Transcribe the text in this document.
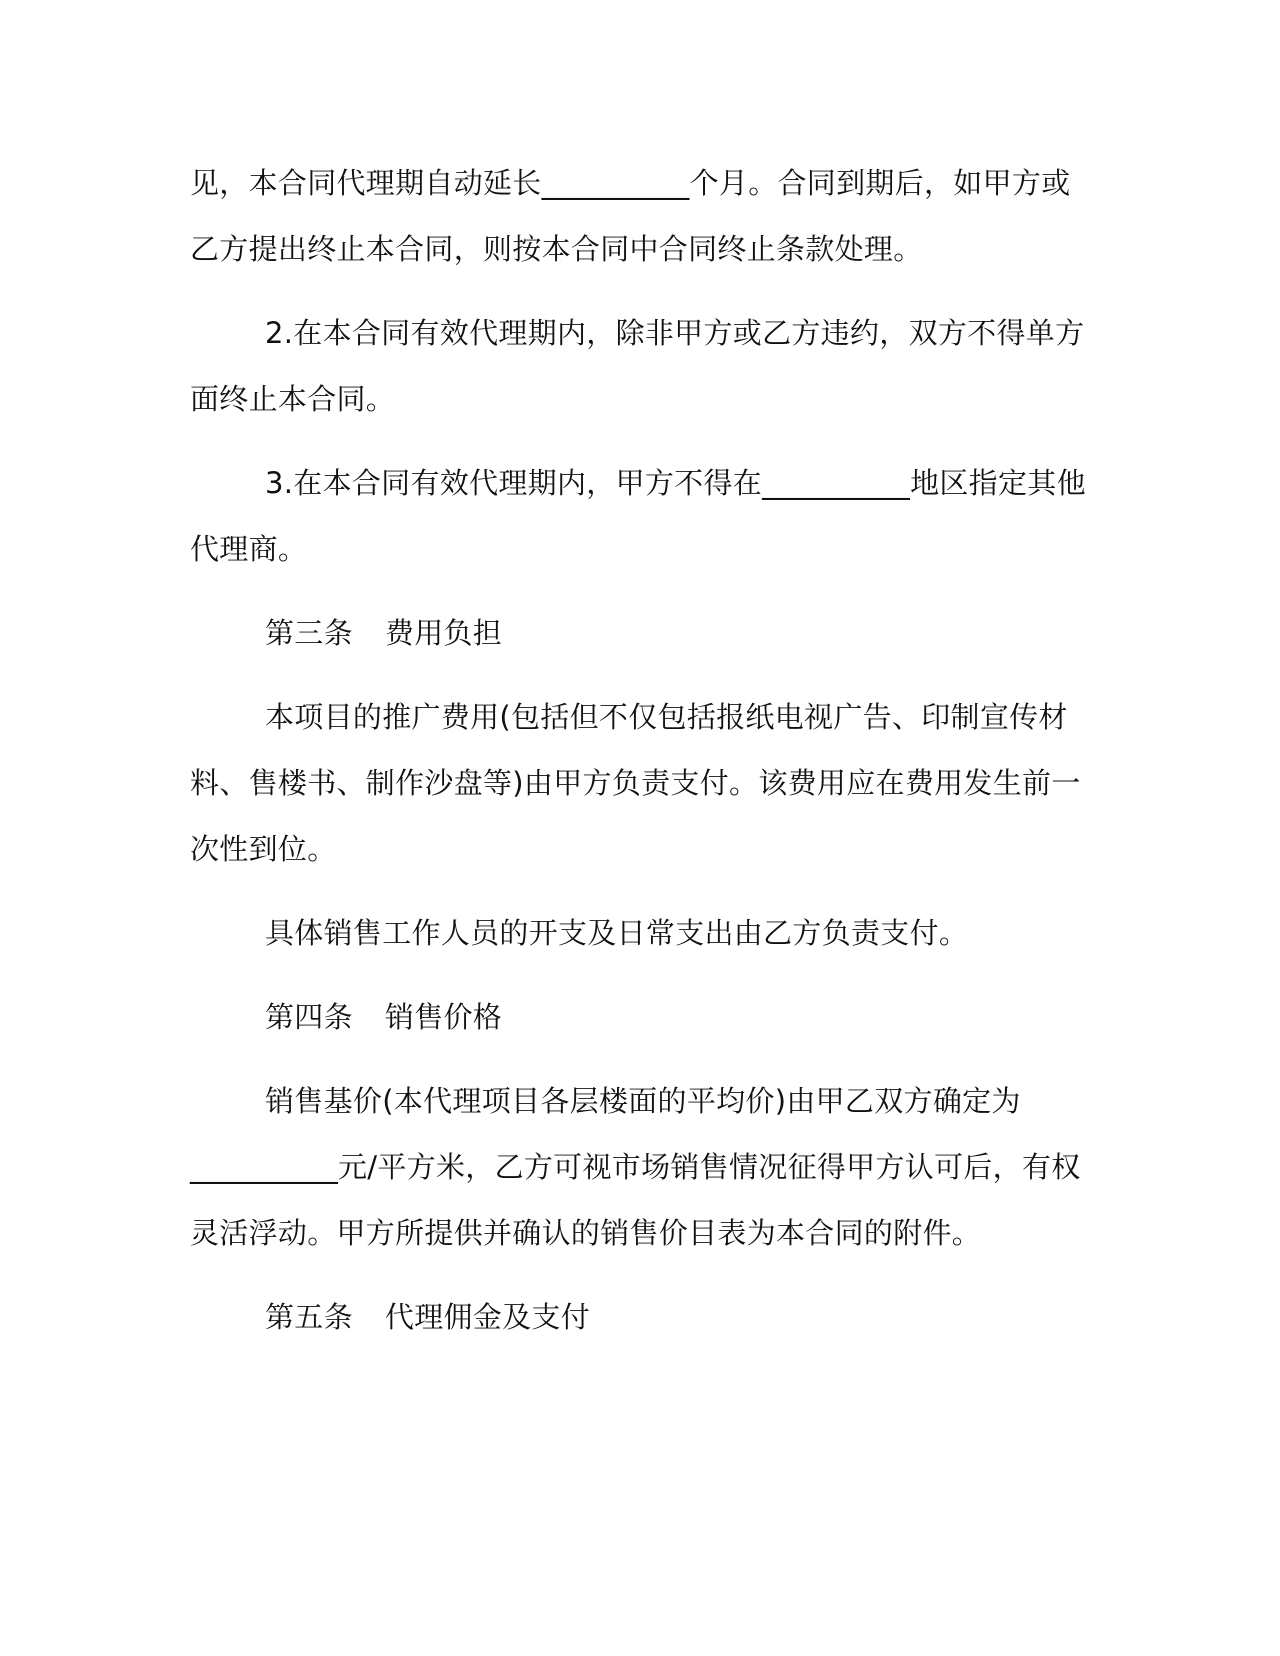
见，本合同代理期自动延长__________个月。合同到期后，如甲方或乙方提出终止本合同，则按本合同中合同终止条款处理。

2.在本合同有效代理期内，除非甲方或乙方违约，双方不得单方面终止本合同。

3.在本合同有效代理期内，甲方不得在__________地区指定其他代理商。

第三条 费用负担

本项目的推广费用(包括但不仅包括报纸电视广告、印制宣传材料、售楼书、制作沙盘等)由甲方负责支付。该费用应在费用发生前一次性到位。

具体销售工作人员的开支及日常支出由乙方负责支付。

第四条 销售价格

销售基价(本代理项目各层楼面的平均价)由甲乙双方确定为__________元/平方米，乙方可视市场销售情况征得甲方认可后，有权灵活浮动。甲方所提供并确认的销售价目表为本合同的附件。

第五条 代理佣金及支付
